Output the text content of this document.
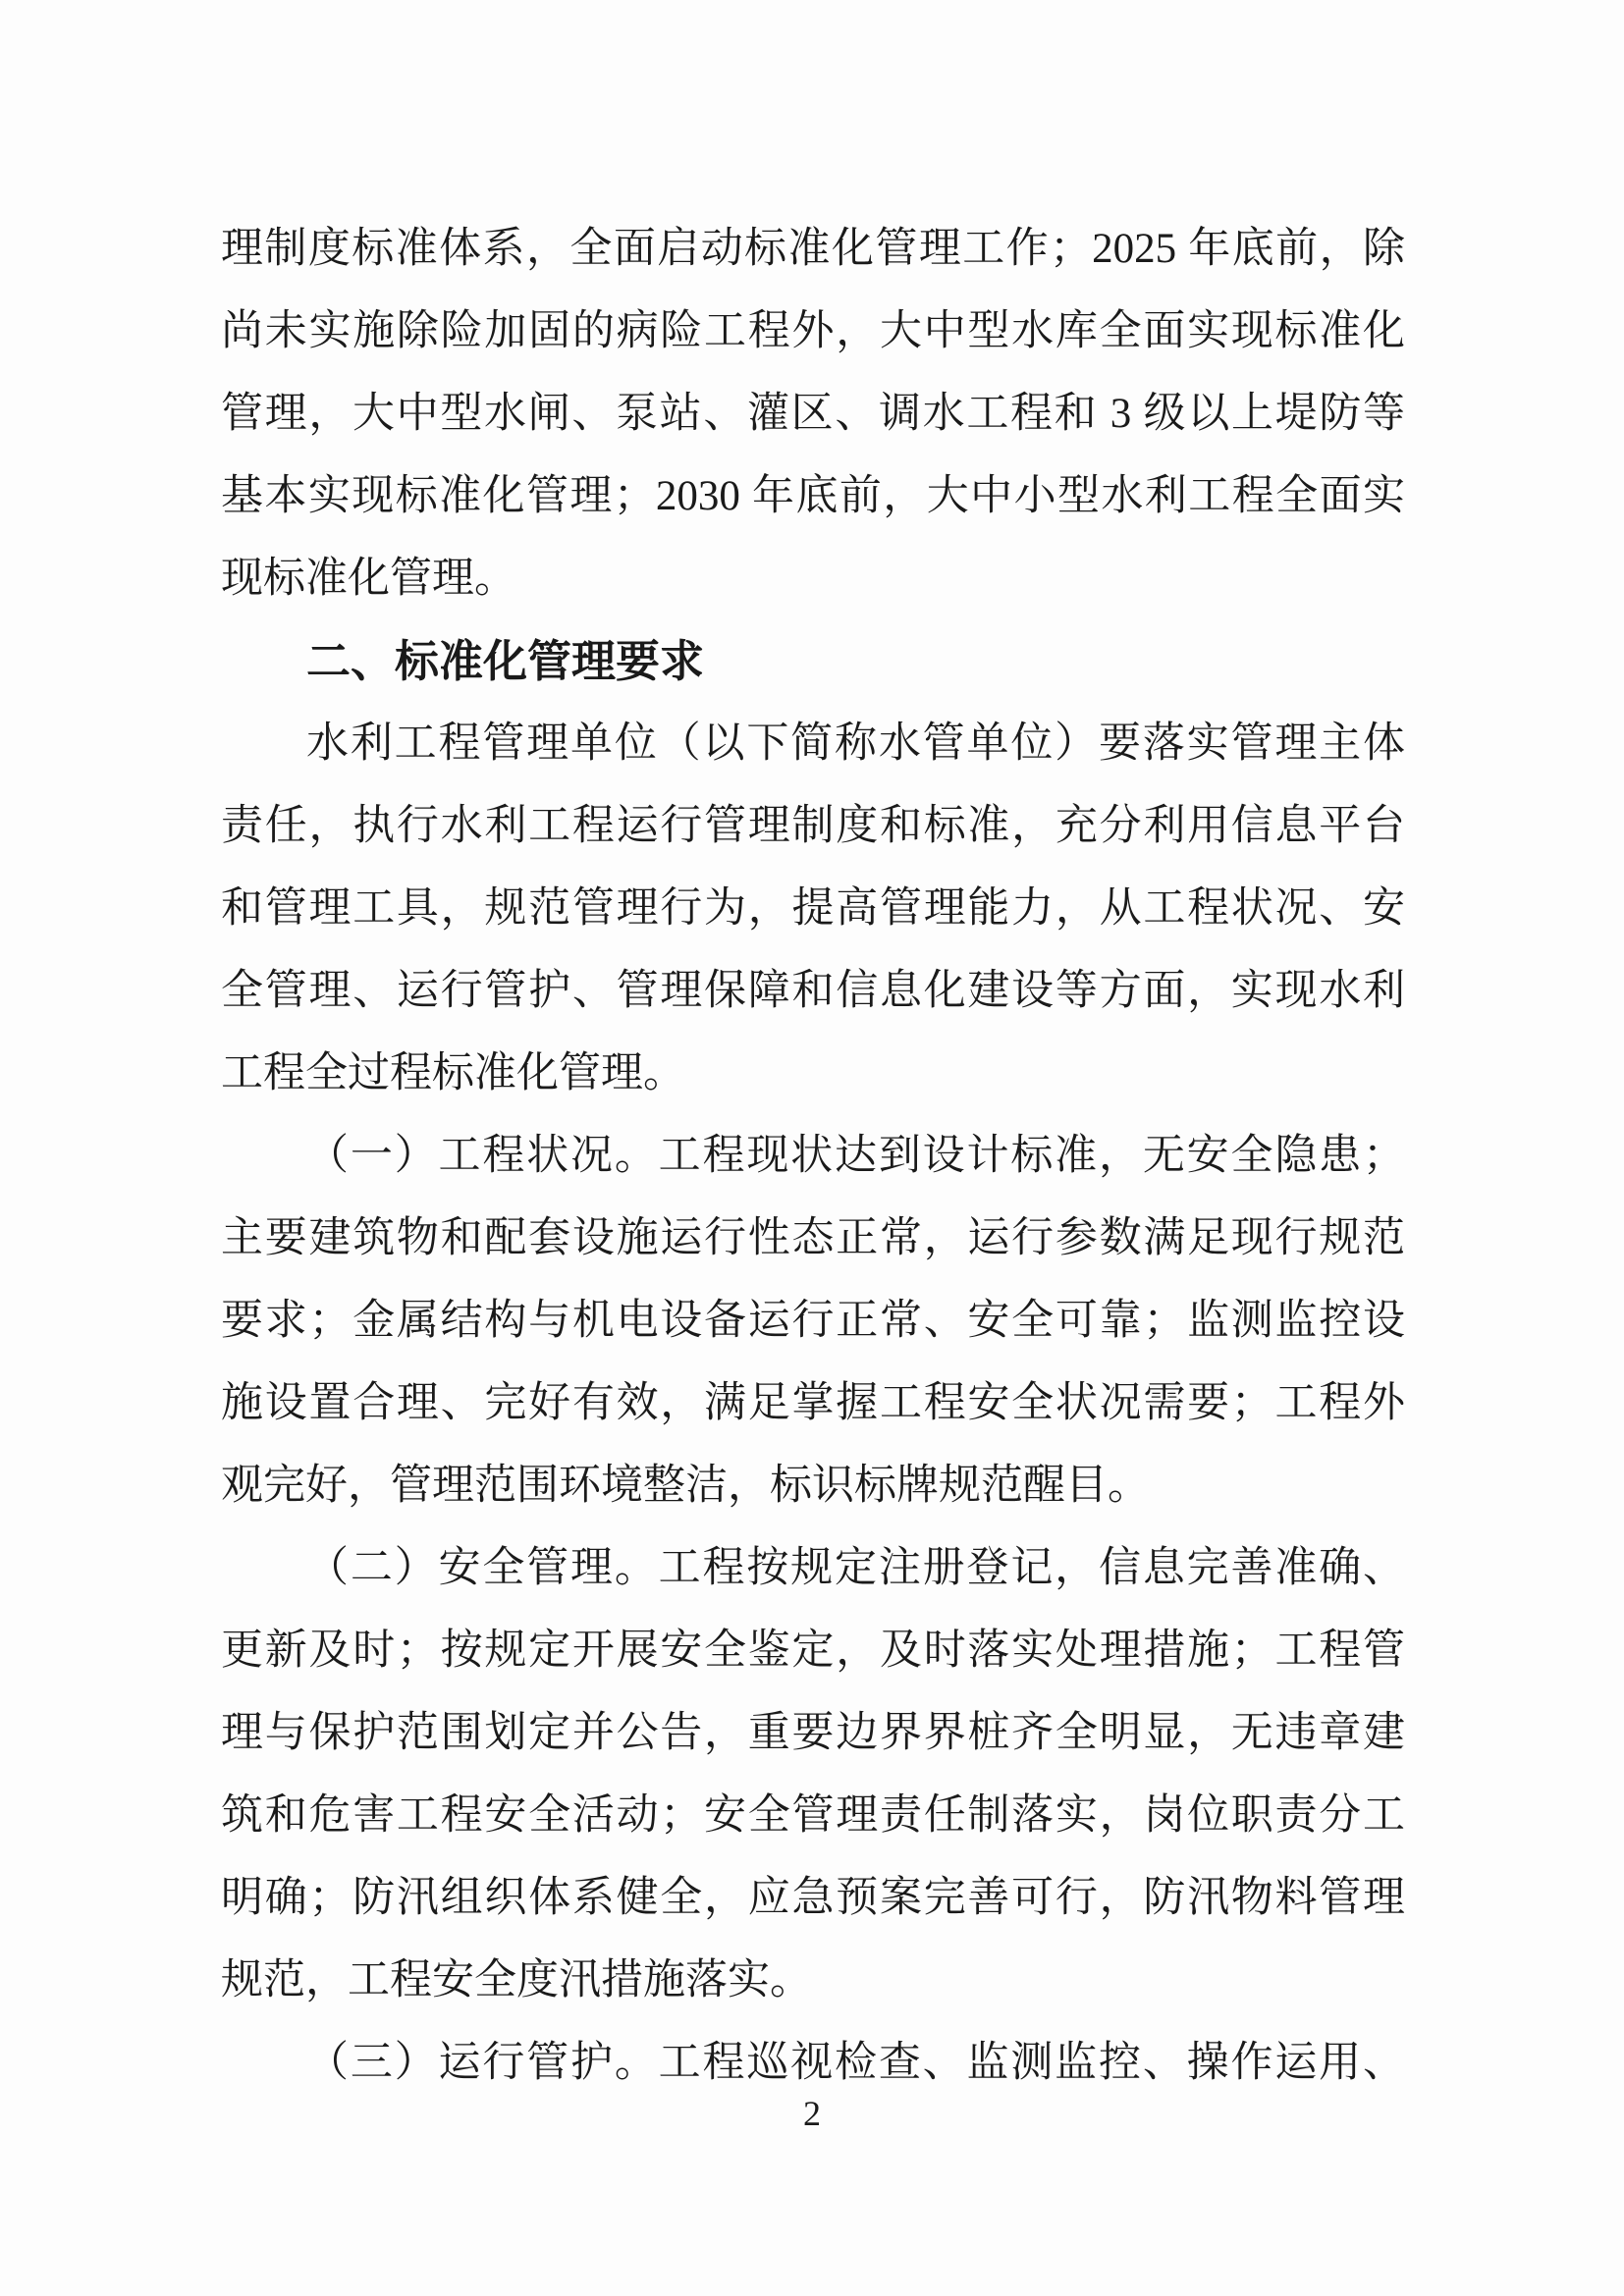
理制度标准体系，全面启动标准化管理工作；2025 年底前，除
尚未实施除险加固的病险工程外，大中型水库全面实现标准化
管理，大中型水闸、泵站、灌区、调水工程和 3 级以上堤防等
基本实现标准化管理；2030 年底前，大中小型水利工程全面实
现标准化管理。
二、标准化管理要求
水利工程管理单位（以下简称水管单位）要落实管理主体
责任，执行水利工程运行管理制度和标准，充分利用信息平台
和管理工具，规范管理行为，提高管理能力，从工程状况、安
全管理、运行管护、管理保障和信息化建设等方面，实现水利
工程全过程标准化管理。
（一）工程状况。工程现状达到设计标准，无安全隐患；
主要建筑物和配套设施运行性态正常，运行参数满足现行规范
要求；金属结构与机电设备运行正常、安全可靠；监测监控设
施设置合理、完好有效，满足掌握工程安全状况需要；工程外
观完好，管理范围环境整洁，标识标牌规范醒目。
（二）安全管理。工程按规定注册登记，信息完善准确、
更新及时；按规定开展安全鉴定，及时落实处理措施；工程管
理与保护范围划定并公告，重要边界界桩齐全明显，无违章建
筑和危害工程安全活动；安全管理责任制落实，岗位职责分工
明确；防汛组织体系健全，应急预案完善可行，防汛物料管理
规范，工程安全度汛措施落实。
（三）运行管护。工程巡视检查、监测监控、操作运用、
2
